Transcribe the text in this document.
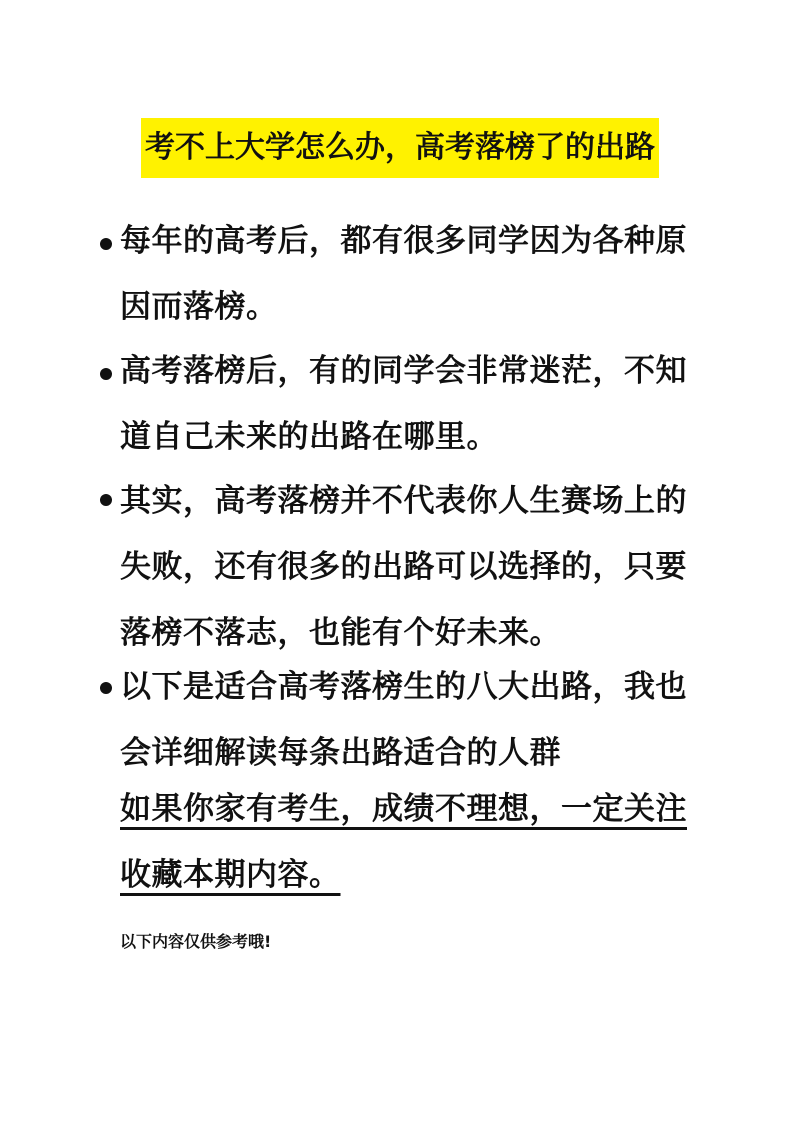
考不上大学怎么办，高考落榜了的出路
每年的高考后，都有很多同学因为各种原因而落榜。
高考落榜后，有的同学会非常迷茫，不知道自己未来的出路在哪里。
其实，高考落榜并不代表你人生赛场上的失败，还有很多的出路可以选择的，只要落榜不落志，也能有个好未来。
以下是适合高考落榜生的八大出路，我也会详细解读每条出路适合的人群
如果你家有考生，成绩不理想，一定关注收藏本期内容。
以下内容仅供参考哦!
